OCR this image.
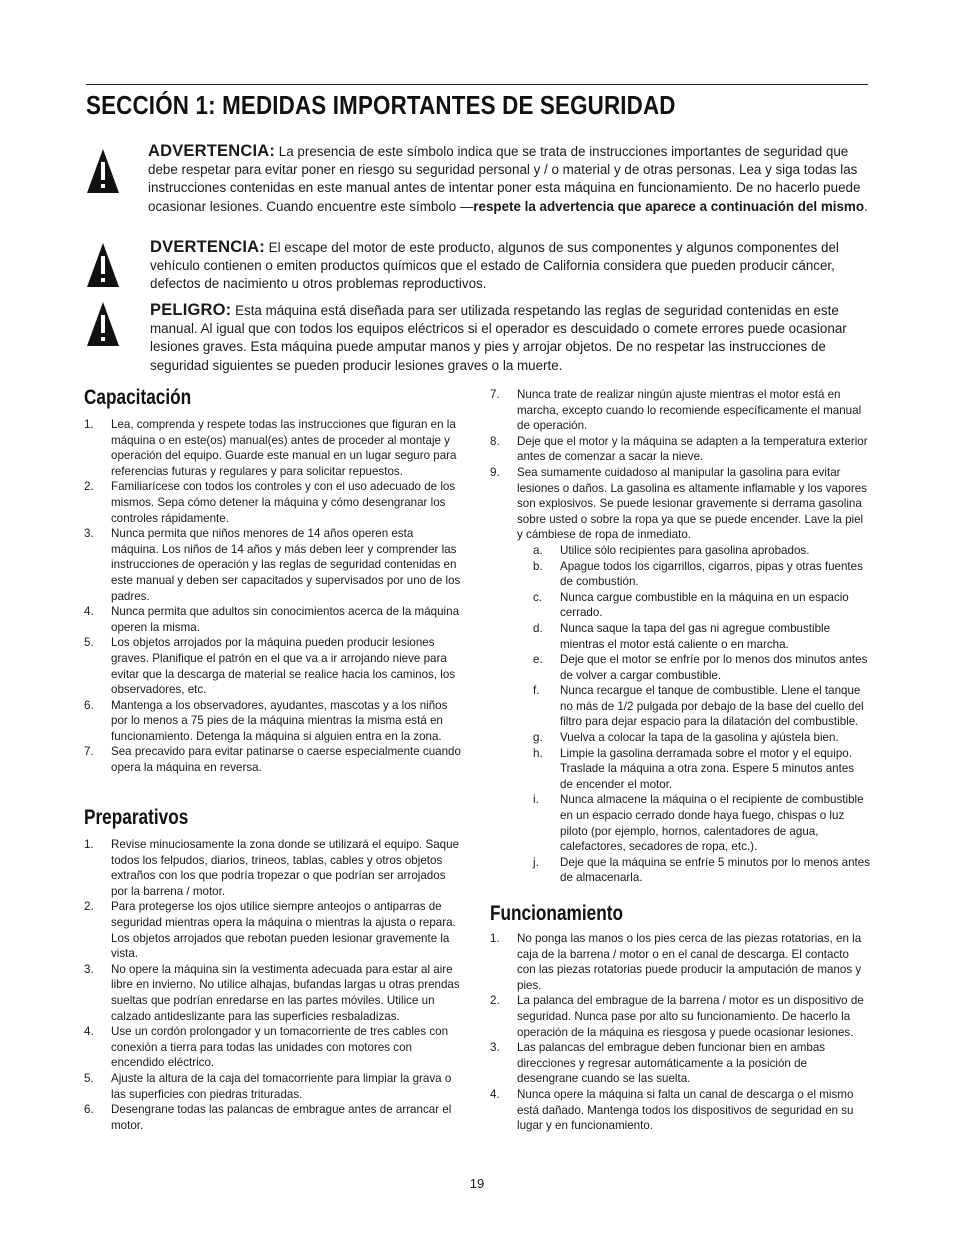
SECCIÓN 1: MEDIDAS IMPORTANTES DE SEGURIDAD

ADVERTENCIA: La presencia de este símbolo indica que se trata de instrucciones importantes de seguridad que debe respetar para evitar poner en riesgo su seguridad personal y / o material y de otras personas. Lea y siga todas las instrucciones contenidas en este manual antes de intentar poner esta máquina en funcionamiento. De no hacerlo puede ocasionar lesiones. Cuando encuentre este símbolo —respete la advertencia que aparece a continuación del mismo.

DVERTENCIA: El escape del motor de este producto, algunos de sus componentes y algunos componentes del vehículo contienen o emiten productos químicos que el estado de California considera que pueden producir cáncer, defectos de nacimiento u otros problemas reproductivos.

PELIGRO: Esta máquina está diseñada para ser utilizada respetando las reglas de seguridad contenidas en este manual. Al igual que con todos los equipos eléctricos si el operador es descuidado o comete errores puede ocasionar lesiones graves. Esta máquina puede amputar manos y pies y arrojar objetos. De no respetar las instrucciones de seguridad siguientes se pueden producir lesiones graves o la muerte.

Capacitación
1. Lea, comprenda y respete todas las instrucciones que figuran en la máquina o en este(os) manual(es) antes de proceder al montaje y operación del equipo. Guarde este manual en un lugar seguro para referencias futuras y regulares y para solicitar repuestos.
2. Familiarícese con todos los controles y con el uso adecuado de los mismos. Sepa cómo detener la máquina y cómo desengranar los controles rápidamente.
3. Nunca permita que niños menores de 14 años operen esta máquina. Los niños de 14 años y más deben leer y comprender las instrucciones de operación y las reglas de seguridad contenidas en este manual y deben ser capacitados y supervisados por uno de los padres.
4. Nunca permita que adultos sin conocimientos acerca de la máquina operen la misma.
5. Los objetos arrojados por la máquina pueden producir lesiones graves. Planifique el patrón en el que va a ir arrojando nieve para evitar que la descarga de material se realice hacia los caminos, los observadores, etc.
6. Mantenga a los observadores, ayudantes, mascotas y a los niños por lo menos a 75 pies de la máquina mientras la misma está en funcionamiento. Detenga la máquina si alguien entra en la zona.
7. Sea precavido para evitar patinarse o caerse especialmente cuando opera la máquina en reversa.
Preparativos
1. Revise minuciosamente la zona donde se utilizará el equipo. Saque todos los felpudos, diarios, trineos, tablas, cables y otros objetos extraños con los que podría tropezar o que podrían ser arrojados por la barrena / motor.
2. Para protegerse los ojos utilice siempre anteojos o antiparras de seguridad mientras opera la máquina o mientras la ajusta o repara. Los objetos arrojados que rebotan pueden lesionar gravemente la vista.
3. No opere la máquina sin la vestimenta adecuada para estar al aire libre en invierno. No utilice alhajas, bufandas largas u otras prendas sueltas que podrían enredarse en las partes móviles. Utilice un calzado antideslizante para las superficies resbaladizas.
4. Use un cordón prolongador y un tomacorriente de tres cables con conexión a tierra para todas las unidades con motores con encendido eléctrico.
5. Ajuste la altura de la caja del tomacorriente para limpiar la grava o las superficies con piedras trituradas.
6. Desengrane todas las palancas de embrague antes de arrancar el motor.
7. Nunca trate de realizar ningún ajuste mientras el motor está en marcha, excepto cuando lo recomiende específicamente el manual de operación.
8. Deje que el motor y la máquina se adapten a la temperatura exterior antes de comenzar a sacar la nieve.
9. Sea sumamente cuidadoso al manipular la gasolina para evitar lesiones o daños. La gasolina es altamente inflamable y los vapores son explosivos. Se puede lesionar gravemente si derrama gasolina sobre usted o sobre la ropa ya que se puede encender. Lave la piel y cámbiese de ropa de inmediato.
a. Utilice sólo recipientes para gasolina aprobados.
b. Apague todos los cigarrillos, cigarros, pipas y otras fuentes de combustión.
c. Nunca cargue combustible en la máquina en un espacio cerrado.
d. Nunca saque la tapa del gas ni agregue combustible mientras el motor está caliente o en marcha.
e. Deje que el motor se enfríe por lo menos dos minutos antes de volver a cargar combustible.
f. Nunca recargue el tanque de combustible. Llene el tanque no más de 1/2 pulgada por debajo de la base del cuello del filtro para dejar espacio para la dilatación del combustible.
g. Vuelva a colocar la tapa de la gasolina y ajústela bien.
h. Limpie la gasolina derramada sobre el motor y el equipo. Traslade la máquina a otra zona. Espere 5 minutos antes de encender el motor.
i. Nunca almacene la máquina o el recipiente de combustible en un espacio cerrado donde haya fuego, chispas o luz piloto (por ejemplo, hornos, calentadores de agua, calefactores, secadores de ropa, etc.).
j. Deje que la máquina se enfríe 5 minutos por lo menos antes de almacenarla.
Funcionamiento
1. No ponga las manos o los pies cerca de las piezas rotatorias, en la caja de la barrena / motor o en el canal de descarga. El contacto con las piezas rotatorias puede producir la amputación de manos y pies.
2. La palanca del embrague de la barrena / motor es un dispositivo de seguridad. Nunca pase por alto su funcionamiento. De hacerlo la operación de la máquina es riesgosa y puede ocasionar lesiones.
3. Las palancas del embrague deben funcionar bien en ambas direcciones y regresar automáticamente a la posición de desengrane cuando se las suelta.
4. Nunca opere la máquina si falta un canal de descarga o el mismo está dañado. Mantenga todos los dispositivos de seguridad en su lugar y en funcionamiento.
19
